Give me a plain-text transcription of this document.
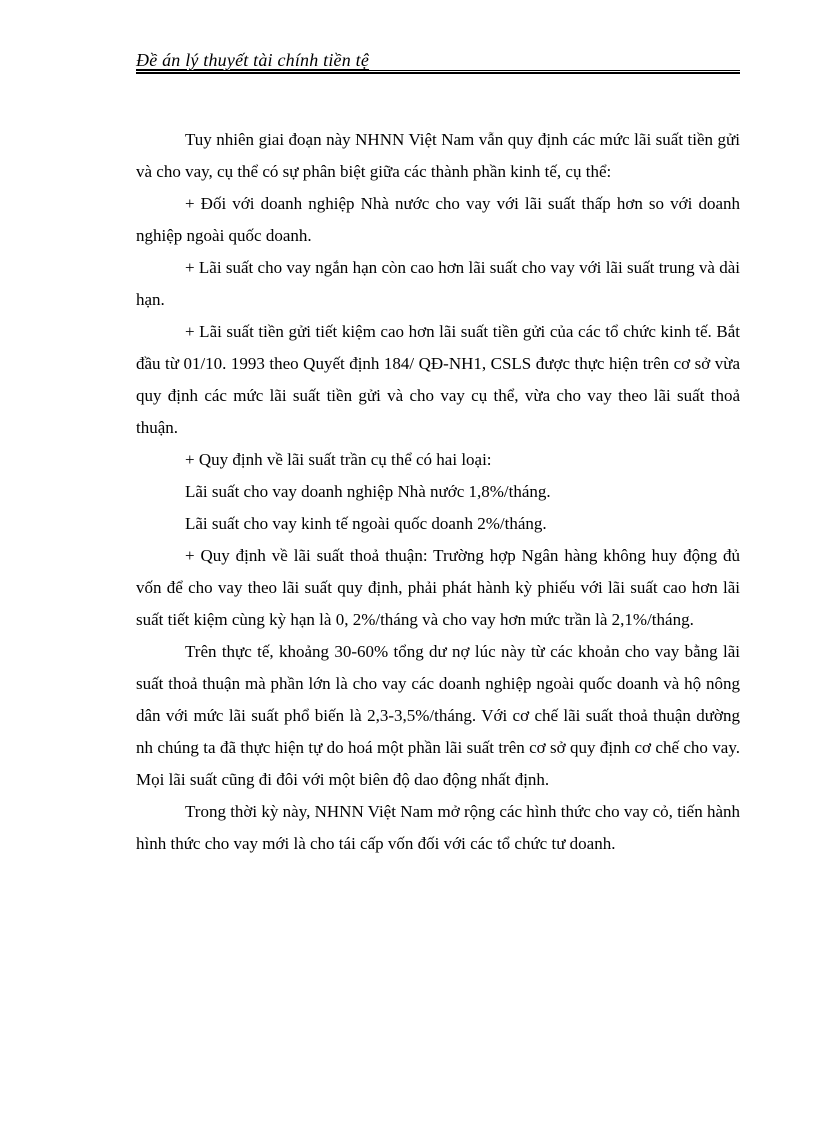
Đề án lý thuyết tài chính tiền tệ

Tuy nhiên giai đoạn này NHNN Việt Nam vẫn quy định các mức lãi suất tiền gửi và cho vay, cụ thể có sự phân biệt giữa các thành phần kinh tế, cụ thể:

+ Đối với doanh nghiệp Nhà nước cho vay với lãi suất thấp hơn so với doanh nghiệp ngoài quốc doanh.

+ Lãi suất cho vay ngắn hạn còn cao hơn lãi suất cho vay với lãi suất trung và dài hạn.

+ Lãi suất tiền gửi tiết kiệm cao hơn lãi suất tiền gửi của các tổ chức kinh tế. Bắt đầu từ 01/10. 1993 theo Quyết định 184/ QĐ-NH1, CSLS được thực hiện trên cơ sở vừa quy định các mức lãi suất tiền gửi và cho vay cụ thể, vừa cho vay theo lãi suất thoả thuận.

+ Quy định về lãi suất trần cụ thể có hai loại:

Lãi suất cho vay doanh nghiệp Nhà nước 1,8%/tháng.

Lãi suất cho vay kinh tế ngoài quốc doanh 2%/tháng.

+ Quy định về lãi suất thoả thuận: Trường hợp Ngân hàng không huy động đủ vốn để cho vay theo lãi suất quy định, phải phát hành kỳ phiếu với lãi suất cao hơn lãi suất tiết kiệm cùng kỳ hạn là 0, 2%/tháng và cho vay hơn mức trần là 2,1%/tháng.

Trên thực tế, khoảng 30-60% tổng dư nợ lúc này từ các khoản cho vay bằng lãi suất thoả thuận mà phần lớn là cho vay các doanh nghiệp ngoài quốc doanh và hộ nông dân với mức lãi suất phổ biến là 2,3-3,5%/tháng. Với cơ chế lãi suất thoả thuận dường nh chúng ta đã thực hiện tự do hoá một phần lãi suất trên cơ sở quy định cơ chế cho vay. Mọi lãi suất cũng đi đôi với một biên độ dao động nhất định.

Trong thời kỳ này, NHNN Việt Nam mở rộng các hình thức cho vay cỏ, tiến hành hình thức cho vay mới là cho tái cấp vốn đối với các tổ chức tư doanh.
